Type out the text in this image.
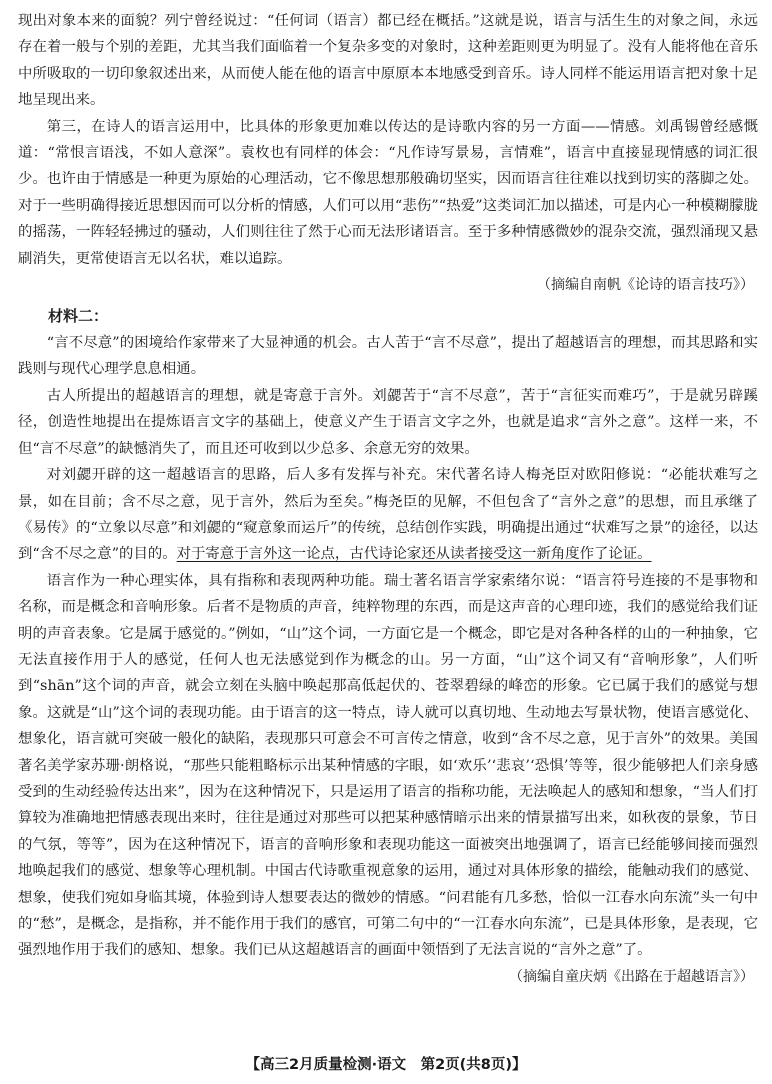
现出对象本来的面貌？列宁曾经说过：“任何词（语言）都已经在概括。”这就是说，语言与活生生的对象之间，永远存在着一般与个别的差距，尤其当我们面临着一个复杂多变的对象时，这种差距则更为明显了。没有人能将他在音乐中所吸取的一切印象叙述出来，从而使人能在他的语言中原原本本地感受到音乐。诗人同样不能运用语言把对象十足地呈现出来。

第三，在诗人的语言运用中，比具体的形象更加难以传达的是诗歌内容的另一方面——情感。刘禹锡曾经感慨道：“常恨言语浅，不如人意深”。袁枚也有同样的体会：“凡作诗写景易，言情难”，语言中直接显现情感的词汇很少。也许由于情感是一种更为原始的心理活动，它不像思想那般确切坚实，因而语言往往难以找到切实的落脚之处。对于一些明确得接近思想因而可以分析的情感，人们可以用“悲伤”“热爱”这类词汇加以描述，可是内心一种模糊朦胧的摇荡，一阵轻轻拂过的骚动，人们则往往了然于心而无法形诸语言。至于多种情感微妙的混杂交流，强烈涌现又悬刷消失，更常使语言无以名状，难以追踪。

（摘编自南帆《论诗的语言技巧》）

材料二：

“言不尽意”的困境给作家带来了大显神通的机会。古人苦于“言不尽意”，提出了超越语言的理想，而其思路和实践则与现代心理学息息相通。

古人所提出的超越语言的理想，就是寄意于言外。刘勰苦于“言不尽意”，苦于“言征实而难巧”，于是就另辟蹊径，创造性地提出在提炼语言文字的基础上，使意义产生于语言文字之外，也就是追求“言外之意”。这样一来，不但“言不尽意”的缺憾消失了，而且还可收到以少总多、余意无穷的效果。

对刘勰开辟的这一超越语言的思路，后人多有发挥与补充。宋代著名诗人梅尧臣对欧阳修说：“必能状难写之景，如在目前；含不尽之意，见于言外，然后为至矣。”梅尧臣的见解，不但包含了“言外之意”的思想，而且承继了《易传》的“立象以尽意”和刘勰的“窥意象而运斤”的传统，总结创作实践，明确提出通过“状难写之景”的途径，以达到“含不尽之意”的目的。对于寄意于言外这一论点，古代诗论家还从读者接受这一新角度作了论证。

语言作为一种心理实体，具有指称和表现两种功能。瑞士著名语言学家索绪尔说：“语言符号连接的不是事物和名称，而是概念和音响形象。后者不是物质的声音，纯粹物理的东西，而是这声音的心理印迹，我们的感觉给我们证明的声音表象。它是属于感觉的。”例如，“山”这个词，一方面它是一个概念，即它是对各种各样的山的一种抽象，它无法直接作用于人的感觉，任何人也无法感觉到作为概念的山。另一方面，“山”这个词又有“音响形象”，人们听到“shān”这个词的声音，就会立刻在头脑中唤起那高低起伏的、苍翠碧绿的峰峦的形象。它已属于我们的感觉与想象。这就是“山”这个词的表现功能。由于语言的这一特点，诗人就可以真切地、生动地去写景状物，使语言感觉化、想象化，语言就可突破一般化的缺陷，表现那只可意会不可言传之情意，收到“含不尽之意，见于言外”的效果。美国著名美学家苏珊·朗格说，“那些只能粗略标示出某种情感的字眼，如‘欢乐’‘悲哀’‘恐惧’等等，很少能够把人们亲身感受到的生动经验传达出来”，因为在这种情况下，只是运用了语言的指称功能，无法唤起人的感知和想象，“当人们打算较为准确地把情感表现出来时，往往是通过对那些可以把某种感情暗示出来的情景描写出来，如秋夜的景象，节日的气氛，等等”，因为在这种情况下，语言的音响形象和表现功能这一面被突出地强调了，语言已经能够间接而强烈地唤起我们的感觉、想象等心理机制。中国古代诗歌重视意象的运用，通过对具体形象的描绘，能触动我们的感觉、想象，使我们宛如身临其境，体验到诗人想要表达的微妙的情感。“问君能有几多愁，恰似一江春水向东流”头一句中的“愁”，是概念，是指称，并不能作用于我们的感官，可第二句中的“一江春水向东流”，已是具体形象，是表现，它强烈地作用于我们的感知、想象。我们已从这超越语言的画面中领悟到了无法言说的“言外之意”了。

（摘编自童庆炳《出路在于超越语言》）

【高三2月质量检测·语文　第2页(共8页)】
